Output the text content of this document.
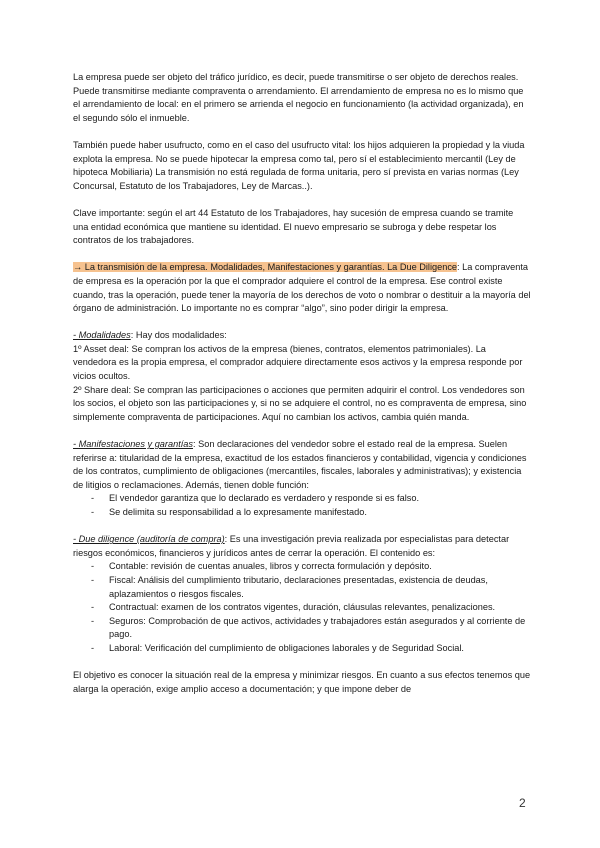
La empresa puede ser objeto del tráfico jurídico, es decir, puede transmitirse o ser objeto de derechos reales. Puede transmitirse mediante compraventa o arrendamiento. El arrendamiento de empresa no es lo mismo que el arrendamiento de local: en el primero se arrienda el negocio en funcionamiento (la actividad organizada), en el segundo sólo el inmueble.

También puede haber usufructo, como en el caso del usufructo vital: los hijos adquieren la propiedad y la viuda explota la empresa. No se puede hipotecar la empresa como tal, pero sí el establecimiento mercantil (Ley de hipoteca Mobiliaria) La transmisión no está regulada de forma unitaria, pero sí prevista en varias normas (Ley Concursal, Estatuto de los Trabajadores, Ley de Marcas..).

Clave importante: según el art 44 Estatuto de los Trabajadores, hay sucesión de empresa cuando se tramite una entidad económica que mantiene su identidad. El nuevo empresario se subroga y debe respetar los contratos de los trabajadores.

→ La transmisión de la empresa. Modalidades, Manifestaciones y garantías. La Due Diligence: La compraventa de empresa es la operación por la que el comprador adquiere el control de la empresa. Ese control existe cuando, tras la operación, puede tener la mayoría de los derechos de voto o nombrar o destituir a la mayoría del órgano de administración. Lo importante no es comprar “algo”, sino poder dirigir la empresa.

- Modalidades: Hay dos modalidades:
1º Asset deal: Se compran los activos de la empresa (bienes, contratos, elementos patrimoniales). La vendedora es la propia empresa, el comprador adquiere directamente esos activos y la empresa responde por vicios ocultos.
2º Share deal: Se compran las participaciones o acciones que permiten adquirir el control. Los vendedores son los socios, el objeto son las participaciones y, si no se adquiere el control, no es compraventa de empresa, sino simplemente compraventa de participaciones. Aquí no cambian los activos, cambia quién manda.
- Manifestaciones y garantías: Son declaraciones del vendedor sobre el estado real de la empresa. Suelen referirse a: titularidad de la empresa, exactitud de los estados financieros y contabilidad, vigencia y condiciones de los contratos, cumplimiento de obligaciones (mercantiles, fiscales, laborales y administrativas); y existencia de litigios o reclamaciones. Además, tienen doble función:
- El vendedor garantiza que lo declarado es verdadero y responde si es falso.
- Se delimita su responsabilidad a lo expresamente manifestado.
- Due diligence (auditoría de compra): Es una investigación previa realizada por especialistas para detectar riesgos económicos, financieros y jurídicos antes de cerrar la operación. El contenido es:
- Contable: revisión de cuentas anuales, libros y correcta formulación y depósito.
- Fiscal: Análisis del cumplimiento tributario, declaraciones presentadas, existencia de deudas, aplazamientos o riesgos fiscales.
- Contractual: examen de los contratos vigentes, duración, cláusulas relevantes, penalizaciones.
- Seguros: Comprobación de que activos, actividades y trabajadores están asegurados y al corriente de pago.
- Laboral: Verificación del cumplimiento de obligaciones laborales y de Seguridad Social.

El objetivo es conocer la situación real de la empresa y minimizar riesgos. En cuanto a sus efectos tenemos que alarga la operación, exige amplio acceso a documentación; y que impone deber de

2
